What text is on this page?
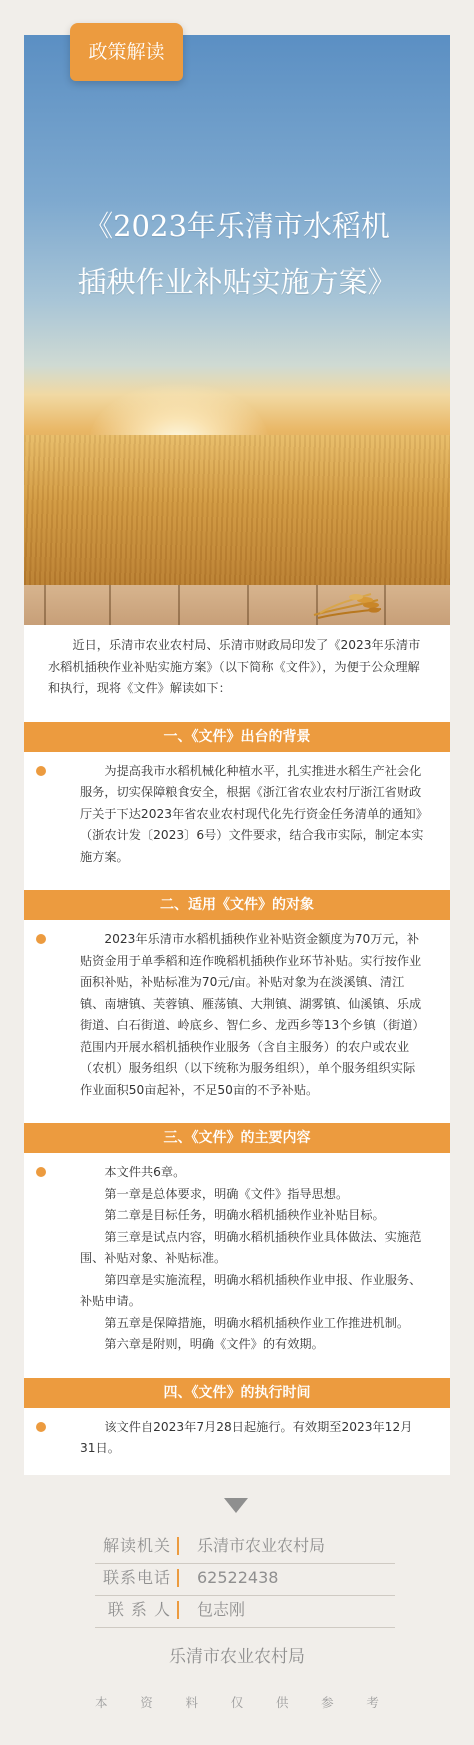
政策解读
《2023年乐清市水稻机
插秧作业补贴实施方案》

近日，乐清市农业农村局、乐清市财政局印发了《2023年乐清市水稻机插秧作业补贴实施方案》（以下简称《文件》），为便于公众理解和执行，现将《文件》解读如下：

一、《文件》出台的背景

为提高我市水稻机械化种植水平，扎实推进水稻生产社会化服务，切实保障粮食安全，根据《浙江省农业农村厅浙江省财政厅关于下达2023年省农业农村现代化先行资金任务清单的通知》（浙农计发〔2023〕6号）文件要求，结合我市实际，制定本实施方案。

二、适用《文件》的对象

2023年乐清市水稻机插秧作业补贴资金额度为70万元，补贴资金用于单季稻和连作晚稻机插秧作业环节补贴。实行按作业面积补贴，补贴标准为70元/亩。补贴对象为在淡溪镇、清江镇、南塘镇、芙蓉镇、雁荡镇、大荆镇、湖雾镇、仙溪镇、乐成街道、白石街道、岭底乡、智仁乡、龙西乡等13个乡镇（街道）范围内开展水稻机插秧作业服务（含自主服务）的农户或农业（农机）服务组织（以下统称为服务组织），单个服务组织实际作业面积50亩起补，不足50亩的不予补贴。

三、《文件》的主要内容

本文件共6章。

第一章是总体要求，明确《文件》指导思想。

第二章是目标任务，明确水稻机插秧作业补贴目标。

第三章是试点内容，明确水稻机插秧作业具体做法、实施范围、补贴对象、补贴标准。

第四章是实施流程，明确水稻机插秧作业申报、作业服务、补贴申请。

第五章是保障措施，明确水稻机插秧作业工作推进机制。

第六章是附则，明确《文件》的有效期。

四、《文件》的执行时间

该文件自2023年7月28日起施行。有效期至2023年12月31日。

解读机关 乐清市农业农村局
联系电话 62522438
联 系 人 包志刚
乐清市农业农村局
本	资	料	仅	供	参	考
